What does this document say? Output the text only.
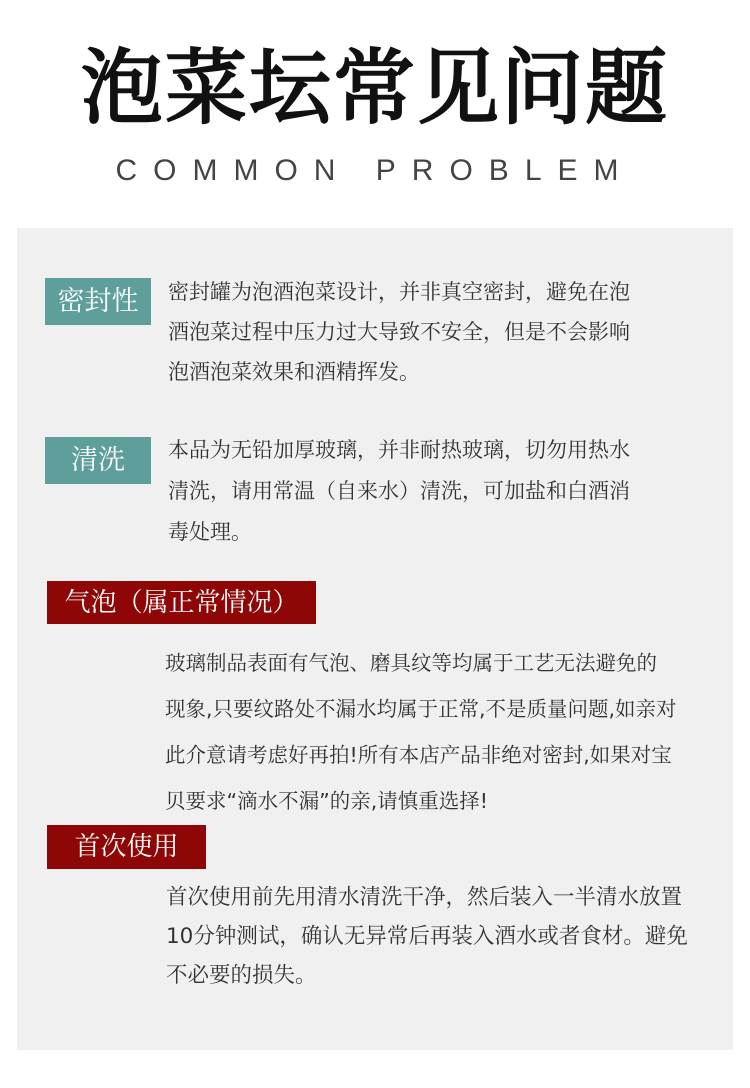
泡菜坛常见问题
COMMON PROBLEM
密封性	密封罐为泡酒泡菜设计，并非真空密封，避免在泡
酒泡菜过程中压力过大导致不安全，但是不会影响
泡酒泡菜效果和酒精挥发。

清洗	本品为无铅加厚玻璃，并非耐热玻璃，切勿用热水
清洗，请用常温（自来水）清洗，可加盐和白酒消
毒处理。

气泡（属正常情况）

玻璃制品表面有气泡、磨具纹等均属于工艺无法避免的
现象,只要纹路处不漏水均属于正常,不是质量问题,如亲对
此介意请考虑好再拍!所有本店产品非绝对密封,如果对宝
贝要求“滴水不漏”的亲,请慎重选择!

首次使用

首次使用前先用清水清洗干净，然后装入一半清水放置
10分钟测试，确认无异常后再装入酒水或者食材。避免
不必要的损失。
